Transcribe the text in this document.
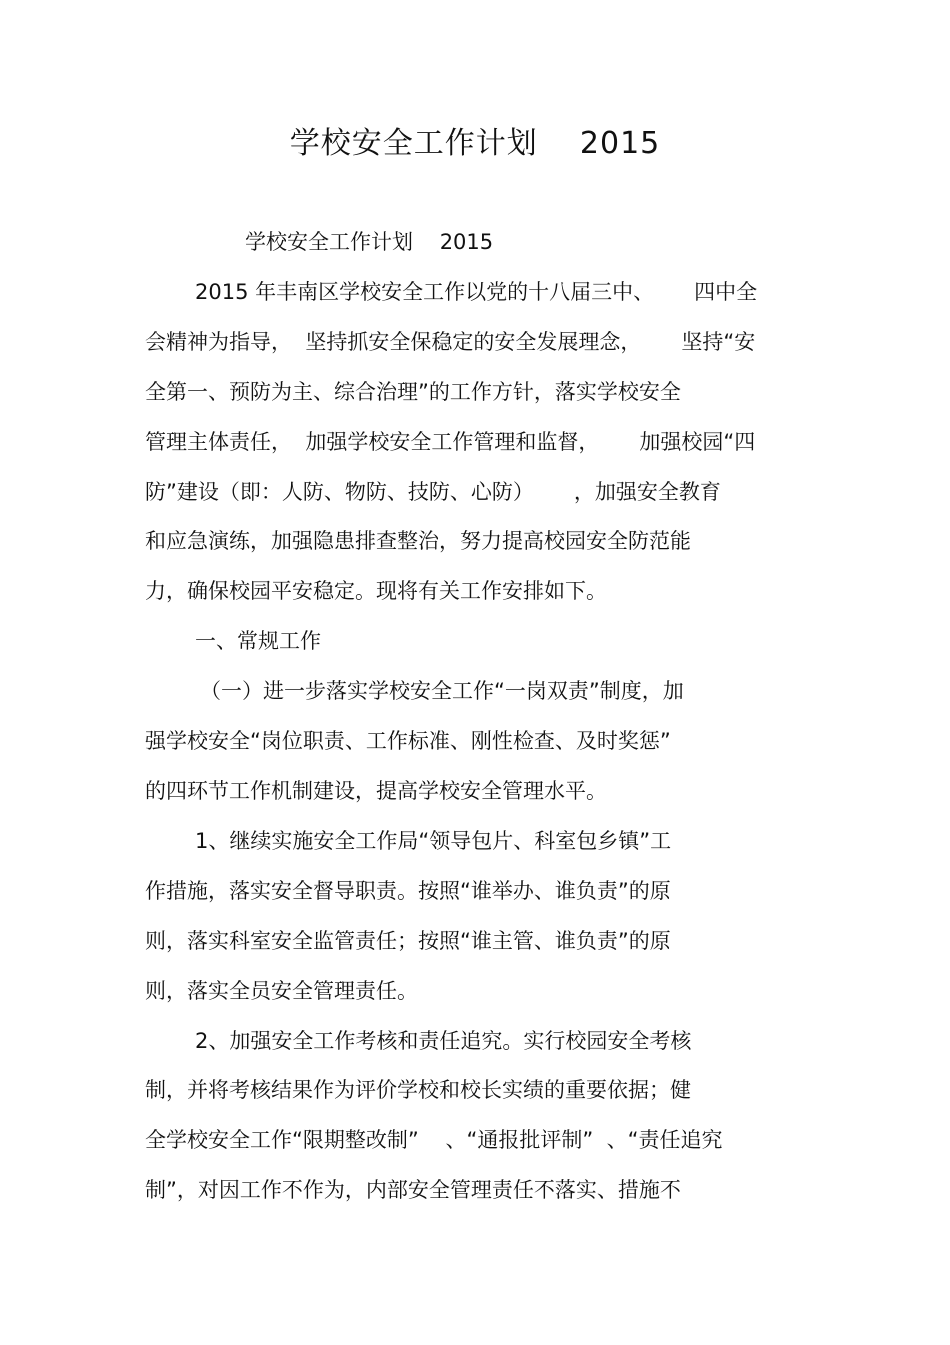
学校安全工作计划    2015
学校安全工作计划    2015
2015 年丰南区学校安全工作以党的十八届三中、      四中全
会精神为指导，  坚持抓安全保稳定的安全发展理念，      坚持“安
全第一、预防为主、综合治理”的工作方针，落实学校安全
管理主体责任，  加强学校安全工作管理和监督，      加强校园“四
防”建设（即：人防、物防、技防、心防）      ，加强安全教育
和应急演练，加强隐患排查整治，努力提高校园安全防范能
力，确保校园平安稳定。现将有关工作安排如下。
一、常规工作
（一）进一步落实学校安全工作“一岗双责”制度，加
强学校安全“岗位职责、工作标准、刚性检查、及时奖惩”
的四环节工作机制建设，提高学校安全管理水平。
1、继续实施安全工作局“领导包片、科室包乡镇”工
作措施，落实安全督导职责。按照“谁举办、谁负责”的原
则，落实科室安全监管责任；按照“谁主管、谁负责”的原
则，落实全员安全管理责任。
2、加强安全工作考核和责任追究。实行校园安全考核
制，并将考核结果作为评价学校和校长实绩的重要依据；健
全学校安全工作“限期整改制”    、“通报批评制”  、“责任追究
制”，对因工作不作为，内部安全管理责任不落实、措施不
